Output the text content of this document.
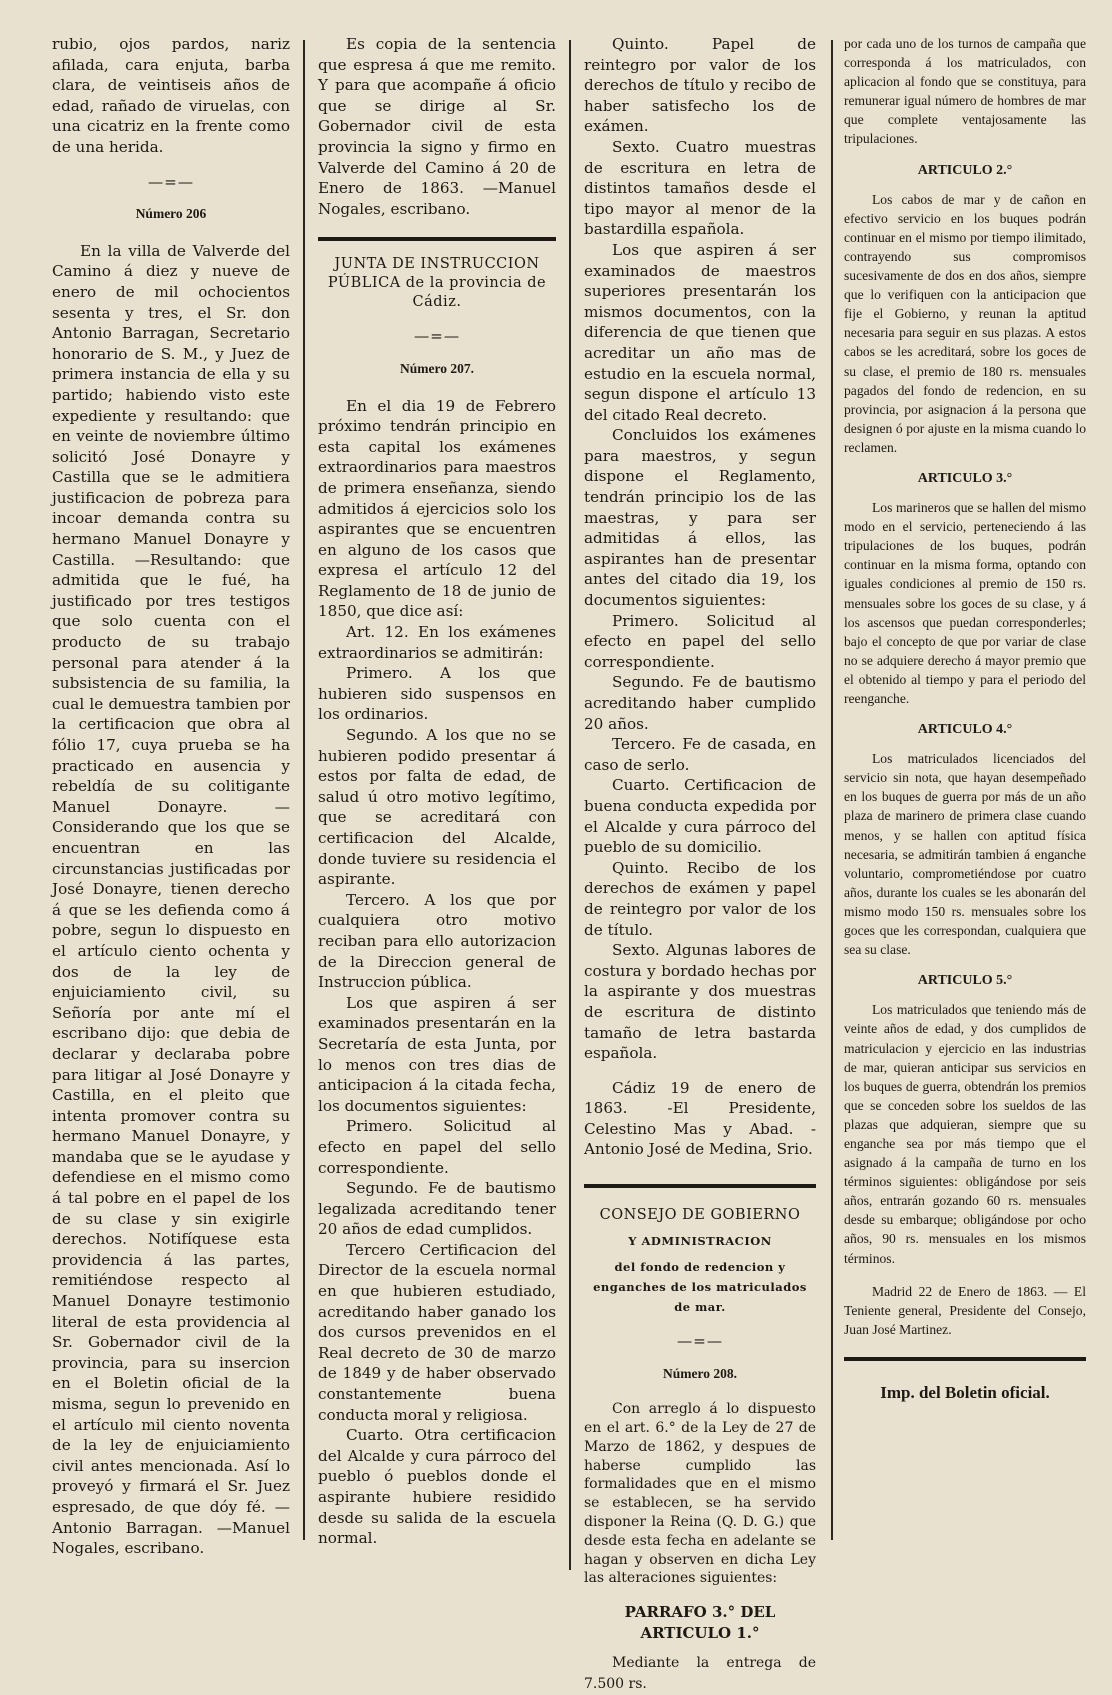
rubio, ojos pardos, nariz afilada, cara enjuta, barba clara, de veintiseis años de edad, rañado de viruelas, con una cicatriz en la frente como de una herida.

—=—
Número 206

En la villa de Valverde del Camino á diez y nueve de enero de mil ochocientos sesenta y tres, el Sr. don Antonio Barragan, Secretario honorario de S. M., y Juez de primera instancia de ella y su partido; habiendo visto este expediente y resultando: que en veinte de noviembre último solicitó José Donayre y Castilla que se le admitiera justificacion de pobreza para incoar demanda contra su hermano Manuel Donayre y Castilla. —Resultando: que admitida que le fué, ha justificado por tres testigos que solo cuenta con el producto de su trabajo personal para atender á la subsistencia de su familia, la cual le demuestra tambien por la certificacion que obra al fólio 17, cuya prueba se ha practicado en ausencia y rebeldía de su colitigante Manuel Donayre. —Considerando que los que se encuentran en las circunstancias justificadas por José Donayre, tienen derecho á que se les defienda como á pobre, segun lo dispuesto en el artículo ciento ochenta y dos de la ley de enjuiciamiento civil, su Señoría por ante mí el escribano dijo: que debia de declarar y declaraba pobre para litigar al José Donayre y Castilla, en el pleito que intenta promover contra su hermano Manuel Donayre, y mandaba que se le ayudase y defendiese en el mismo como á tal pobre en el papel de los de su clase y sin exigirle derechos. Notifíquese esta providencia á las partes, remitiéndose respecto al Manuel Donayre testimonio literal de esta providencia al Sr. Gobernador civil de la provincia, para su insercion en el Boletin oficial de la misma, segun lo prevenido en el artículo mil ciento noventa de la ley de enjuiciamiento civil antes mencionada. Así lo proveyó y firmará el Sr. Juez espresado, de que dóy fé. —Antonio Barragan. —Manuel Nogales, escribano.

Es copia de la sentencia que espresa á que me remito. Y para que acompañe á oficio que se dirige al Sr. Gobernador civil de esta provincia la signo y firmo en Valverde del Camino á 20 de Enero de 1863. —Manuel Nogales, escribano.

JUNTA DE INSTRUCCION PÚBLICA de la provincia de Cádiz.
—=—
Número 207.

En el dia 19 de Febrero próximo tendrán principio en esta capital los exámenes extraordinarios para maestros de primera enseñanza, siendo admitidos á ejercicios solo los aspirantes que se encuentren en alguno de los casos que expresa el artículo 12 del Reglamento de 18 de junio de 1850, que dice así:

Art. 12. En los exámenes extraordinarios se admitirán:

Primero. A los que hubieren sido suspensos en los ordinarios.

Segundo. A los que no se hubieren podido presentar á estos por falta de edad, de salud ú otro motivo legítimo, que se acreditará con certificacion del Alcalde, donde tuviere su residencia el aspirante.

Tercero. A los que por cualquiera otro motivo reciban para ello autorizacion de la Direccion general de Instruccion pública.

Los que aspiren á ser examinados presentarán en la Secretaría de esta Junta, por lo menos con tres dias de anticipacion á la citada fecha, los documentos siguientes:

Primero. Solicitud al efecto en papel del sello correspondiente.

Segundo. Fe de bautismo legalizada acreditando tener 20 años de edad cumplidos.

Tercero Certificacion del Director de la escuela normal en que hubieren estudiado, acreditando haber ganado los dos cursos prevenidos en el Real decreto de 30 de marzo de 1849 y de haber observado constantemente buena conducta moral y religiosa.

Cuarto. Otra certificacion del Alcalde y cura párroco del pueblo ó pueblos donde el aspirante hubiere residido desde su salida de la escuela normal.

Quinto. Papel de reintegro por valor de los derechos de título y recibo de haber satisfecho los de exámen.

Sexto. Cuatro muestras de escritura en letra de distintos tamaños desde el tipo mayor al menor de la bastardilla española.

Los que aspiren á ser examinados de maestros superiores presentarán los mismos documentos, con la diferencia de que tienen que acreditar un año mas de estudio en la escuela normal, segun dispone el artículo 13 del citado Real decreto.

Concluidos los exámenes para maestros, y segun dispone el Reglamento, tendrán principio los de las maestras, y para ser admitidas á ellos, las aspirantes han de presentar antes del citado dia 19, los documentos siguientes:

Primero. Solicitud al efecto en papel del sello correspondiente.

Segundo. Fe de bautismo acreditando haber cumplido 20 años.

Tercero. Fe de casada, en caso de serlo.

Cuarto. Certificacion de buena conducta expedida por el Alcalde y cura párroco del pueblo de su domicilio.

Quinto. Recibo de los derechos de exámen y papel de reintegro por valor de los de título.

Sexto. Algunas labores de costura y bordado hechas por la aspirante y dos muestras de escritura de distinto tamaño de letra bastarda española.

Cádiz 19 de enero de 1863. -El Presidente, Celestino Mas y Abad. -Antonio José de Medina, Srio.

CONSEJO DE GOBIERNO
Y ADMINISTRACION
del fondo de redencion y enganches de los matriculados de mar.
—=—
Número 208.

Con arreglo á lo dispuesto en el art. 6.° de la Ley de 27 de Marzo de 1862, y despues de haberse cumplido las formalidades que en el mismo se establecen, se ha servido disponer la Reina (Q. D. G.) que desde esta fecha en adelante se hagan y observen en dicha Ley las alteraciones siguientes:

PARRAFO 3.° DEL ARTICULO 1.°

Mediante la entrega de 7.500 rs.

por cada uno de los turnos de campaña que corresponda á los matriculados, con aplicacion al fondo que se constituya, para remunerar igual número de hombres de mar que complete ventajosamente las tripulaciones.

ARTICULO 2.°

Los cabos de mar y de cañon en efectivo servicio en los buques podrán continuar en el mismo por tiempo ilimitado, contrayendo sus compromisos sucesivamente de dos en dos años, siempre que lo verifiquen con la anticipacion que fije el Gobierno, y reunan la aptitud necesaria para seguir en sus plazas. A estos cabos se les acreditará, sobre los goces de su clase, el premio de 180 rs. mensuales pagados del fondo de redencion, en su provincia, por asignacion á la persona que designen ó por ajuste en la misma cuando lo reclamen.

ARTICULO 3.°

Los marineros que se hallen del mismo modo en el servicio, perteneciendo á las tripulaciones de los buques, podrán continuar en la misma forma, optando con iguales condiciones al premio de 150 rs. mensuales sobre los goces de su clase, y á los ascensos que puedan corresponderles; bajo el concepto de que por variar de clase no se adquiere derecho á mayor premio que el obtenido al tiempo y para el periodo del reenganche.

ARTICULO 4.°

Los matriculados licenciados del servicio sin nota, que hayan desempeñado en los buques de guerra por más de un año plaza de marinero de primera clase cuando menos, y se hallen con aptitud física necesaria, se admitirán tambien á enganche voluntario, comprometiéndose por cuatro años, durante los cuales se les abonarán del mismo modo 150 rs. mensuales sobre los goces que les correspondan, cualquiera que sea su clase.

ARTICULO 5.°

Los matriculados que teniendo más de veinte años de edad, y dos cumplidos de matriculacion y ejercicio en las industrias de mar, quieran anticipar sus servicios en los buques de guerra, obtendrán los premios que se conceden sobre los sueldos de las plazas que adquieran, siempre que su enganche sea por más tiempo que el asignado á la campaña de turno en los términos siguientes: obligándose por seis años, entrarán gozando 60 rs. mensuales desde su embarque; obligándose por ocho años, 90 rs. mensuales en los mismos términos.

Madrid 22 de Enero de 1863. — El Teniente general, Presidente del Consejo, Juan José Martinez.

Imp. del Boletin oficial.
